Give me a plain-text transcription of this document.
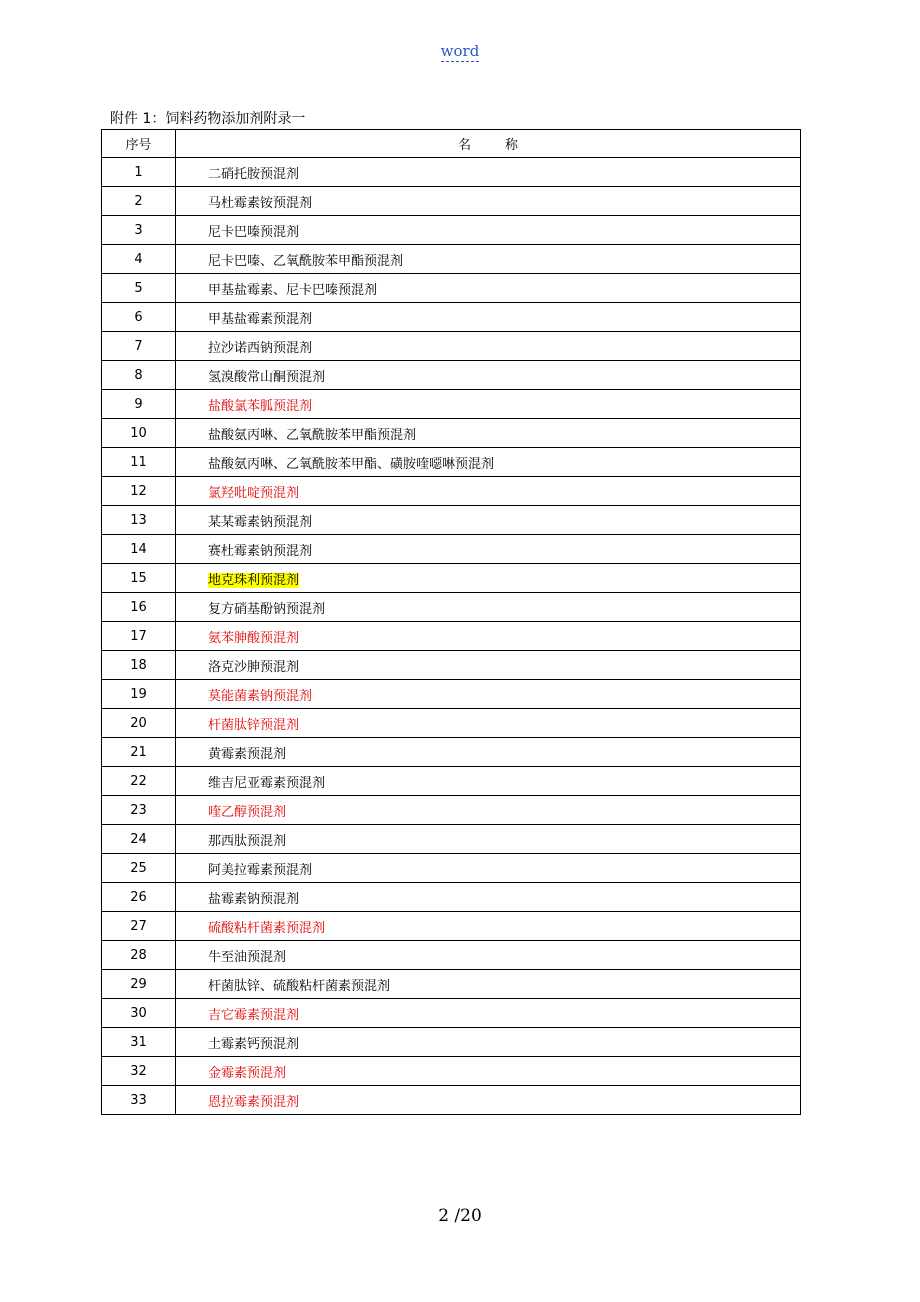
word
附件 1：饲料药物添加剂附录一
序号	名 称
1	二硝托胺预混剂
2	马杜霉素铵预混剂
3	尼卡巴嗪预混剂
4	尼卡巴嗪、乙氧酰胺苯甲酯预混剂
5	甲基盐霉素、尼卡巴嗪预混剂
6	甲基盐霉素预混剂
7	拉沙诺西钠预混剂
8	氢溴酸常山酮预混剂
9	盐酸氯苯胍预混剂
10	盐酸氨丙啉、乙氧酰胺苯甲酯预混剂
11	盐酸氨丙啉、乙氧酰胺苯甲酯、磺胺喹噁啉预混剂
12	氯羟吡啶预混剂
13	某某霉素钠预混剂
14	赛杜霉素钠预混剂
15	地克珠利预混剂
16	复方硝基酚钠预混剂
17	氨苯胂酸预混剂
18	洛克沙胂预混剂
19	莫能菌素钠预混剂
20	杆菌肽锌预混剂
21	黄霉素预混剂
22	维吉尼亚霉素预混剂
23	喹乙醇预混剂
24	那西肽预混剂
25	阿美拉霉素预混剂
26	盐霉素钠预混剂
27	硫酸粘杆菌素预混剂
28	牛至油预混剂
29	杆菌肽锌、硫酸粘杆菌素预混剂
30	吉它霉素预混剂
31	土霉素钙预混剂
32	金霉素预混剂
33	恩拉霉素预混剂
2 /20
